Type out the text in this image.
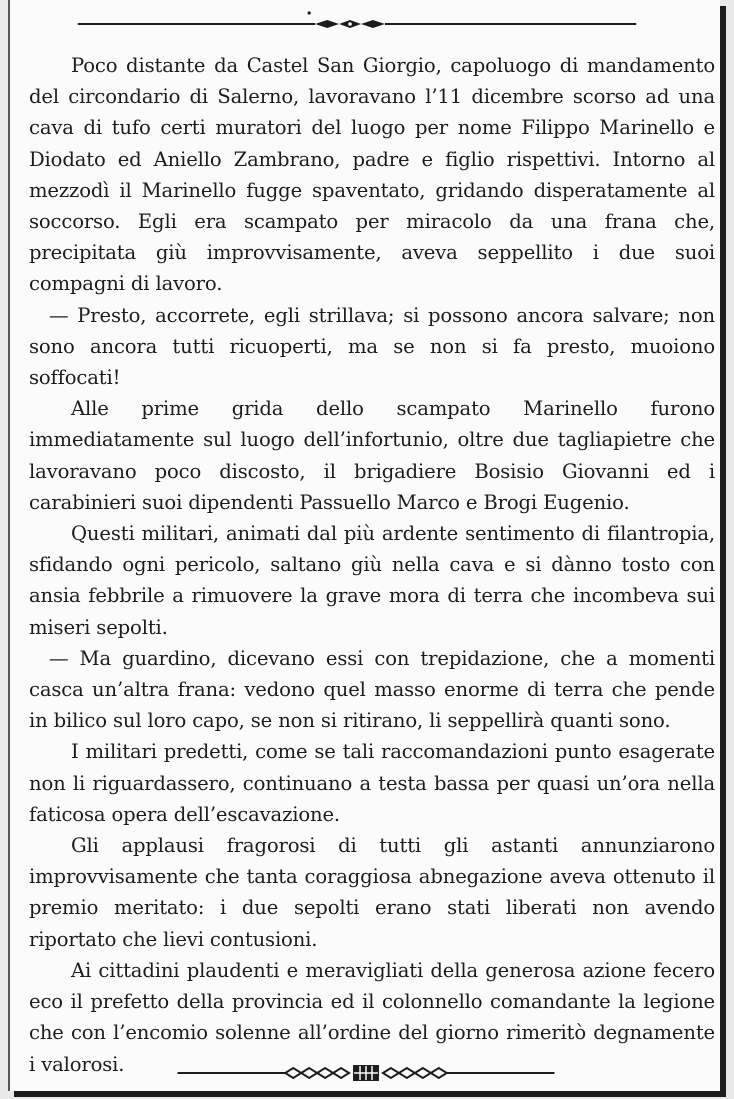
Poco distante da Castel San Giorgio, capoluogo di mandamento del circondario di Salerno, lavoravano l’11 dicembre scorso ad una cava di tufo certi muratori del luogo per nome Filippo Marinello e Diodato ed Aniello Zambrano, padre e figlio rispettivi. Intorno al mezzodì il Marinello fugge spaventato, gridando disperatamente al soccorso. Egli era scampato per miracolo da una frana che, precipitata giù improvvisamente, aveva seppellito i due suoi compagni di lavoro.

— Presto, accorrete, egli strillava; si possono ancora salvare; non sono ancora tutti ricuoperti, ma se non si fa presto, muoiono soffocati!

Alle prime grida dello scampato Marinello furono immediatamente sul luogo dell’infortunio, oltre due tagliapietre che lavoravano poco discosto, il brigadiere Bosisio Giovanni ed i carabinieri suoi dipendenti Passuello Marco e Brogi Eugenio.

Questi militari, animati dal più ardente sentimento di filantropia, sfidando ogni pericolo, saltano giù nella cava e si dànno tosto con ansia febbrile a rimuovere la grave mora di terra che incombeva sui miseri sepolti.

— Ma guardino, dicevano essi con trepidazione, che a momenti casca un’altra frana: vedono quel masso enorme di terra che pende in bilico sul loro capo, se non si ritirano, li seppellirà quanti sono.

I militari predetti, come se tali raccomandazioni punto esagerate non li riguardassero, continuano a testa bassa per quasi un’ora nella faticosa opera dell’escavazione.

Gli applausi fragorosi di tutti gli astanti annunziarono improvvisamente che tanta coraggiosa abnegazione aveva ottenuto il premio meritato: i due sepolti erano stati liberati non avendo riportato che lievi contusioni.

Ai cittadini plaudenti e meravigliati della generosa azione fecero eco il prefetto della provincia ed il colonnello comandante la legione che con l’encomio solenne all’ordine del giorno rimeritò degnamente i valorosi.
